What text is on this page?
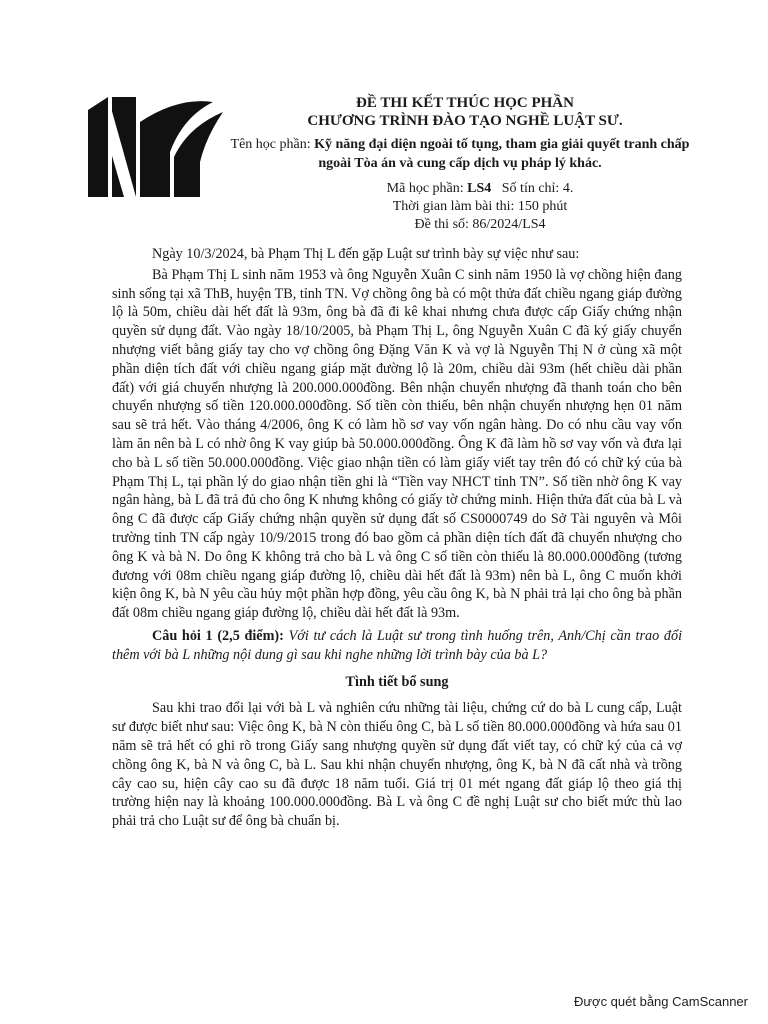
ĐỀ THI KẾT THÚC HỌC PHẦN

CHƯƠNG TRÌNH ĐÀO TẠO NGHỀ LUẬT SƯ.

Tên học phần: Kỹ năng đại diện ngoài tố tụng, tham gia giải quyết tranh chấp ngoài Tòa án và cung cấp dịch vụ pháp lý khác.
Mã học phần: LS4 Số tín chỉ: 4.
Thời gian làm bài thi: 150 phút
Đề thi số: 86/2024/LS4

Ngày 10/3/2024, bà Phạm Thị L đến gặp Luật sư trình bày sự việc như sau:

Bà Phạm Thị L sinh năm 1953 và ông Nguyễn Xuân C sinh năm 1950 là vợ chồng hiện đang sinh sống tại xã ThB, huyện TB, tỉnh TN. Vợ chồng ông bà có một thửa đất chiều ngang giáp đường lộ là 50m, chiều dài hết đất là 93m, ông bà đã đi kê khai nhưng chưa được cấp Giấy chứng nhận quyền sử dụng đất. Vào ngày 18/10/2005, bà Phạm Thị L, ông Nguyễn Xuân C đã ký giấy chuyển nhượng viết bằng giấy tay cho vợ chồng ông Đặng Văn K và vợ là Nguyễn Thị N ở cùng xã một phần diện tích đất với chiều ngang giáp mặt đường lộ là 20m, chiều dài 93m (hết chiều dài phần đất) với giá chuyển nhượng là 200.000.000đồng. Bên nhận chuyển nhượng đã thanh toán cho bên chuyển nhượng số tiền 120.000.000đồng. Số tiền còn thiếu, bên nhận chuyển nhượng hẹn 01 năm sau sẽ trả hết. Vào tháng 4/2006, ông K có làm hồ sơ vay vốn ngân hàng. Do có nhu cầu vay vốn làm ăn nên bà L có nhờ ông K vay giúp bà 50.000.000đồng. Ông K đã làm hồ sơ vay vốn và đưa lại cho bà L số tiền 50.000.000đồng. Việc giao nhận tiền có làm giấy viết tay trên đó có chữ ký của bà Phạm Thị L, tại phần lý do giao nhận tiền ghi là “Tiền vay NHCT tỉnh TN”. Số tiền nhờ ông K vay ngân hàng, bà L đã trả đủ cho ông K nhưng không có giấy tờ chứng minh. Hiện thửa đất của bà L và ông C đã được cấp Giấy chứng nhận quyền sử dụng đất số CS0000749 do Sở Tài nguyên và Môi trường tỉnh TN cấp ngày 10/9/2015 trong đó bao gồm cả phần diện tích đất đã chuyển nhượng cho ông K và bà N. Do ông K không trả cho bà L và ông C số tiền còn thiếu là 80.000.000đồng (tương đương với 08m chiều ngang giáp đường lộ, chiều dài hết đất là 93m) nên bà L, ông C muốn khởi kiện ông K, bà N yêu cầu hủy một phần hợp đồng, yêu cầu ông K, bà N phải trả lại cho ông bà phần đất 08m chiều ngang giáp đường lộ, chiều dài hết đất là 93m.

Câu hỏi 1 (2,5 điểm): Với tư cách là Luật sư trong tình huống trên, Anh/Chị cần trao đổi thêm với bà L những nội dung gì sau khi nghe những lời trình bày của bà L?

Tình tiết bổ sung

Sau khi trao đổi lại với bà L và nghiên cứu những tài liệu, chứng cứ do bà L cung cấp, Luật sư được biết như sau: Việc ông K, bà N còn thiếu ông C, bà L số tiền 80.000.000đồng và hứa sau 01 năm sẽ trả hết có ghi rõ trong Giấy sang nhượng quyền sử dụng đất viết tay, có chữ ký của cả vợ chồng ông K, bà N và ông C, bà L. Sau khi nhận chuyển nhượng, ông K, bà N đã cất nhà và trồng cây cao su, hiện cây cao su đã được 18 năm tuổi. Giá trị 01 mét ngang đất giáp lộ theo giá thị trường hiện nay là khoảng 100.000.000đồng. Bà L và ông C đề nghị Luật sư cho biết mức thù lao phải trả cho Luật sư để ông bà chuẩn bị.

Được quét bằng CamScanner
